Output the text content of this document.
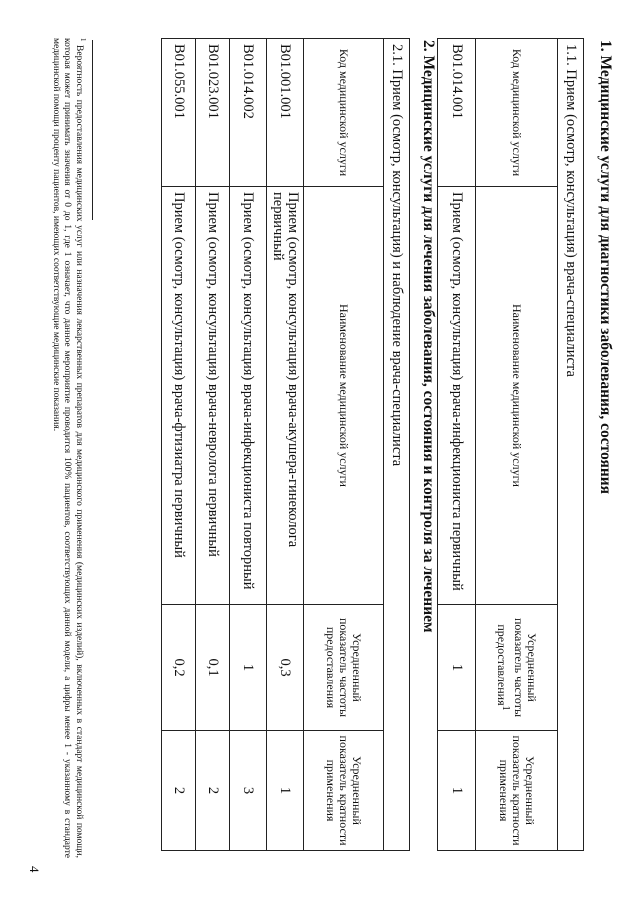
1. Медицинские услуги для диагностики заболевания, состояния
1.1. Прием (осмотр, консультация) врача-специалиста			
Код медицинской услуги	Наименование медицинской услуги	Усредненный показатель частоты предоставления$^1$	Усредненный показатель кратности применения
B01.014.001	Прием (осмотр, консультация) врача-инфекциониста первичный	1	1
2. Медицинские услуги для лечения заболевания, состояния и контроля за лечением
2.1. Прием (осмотр, консультация) и наблюдение врача-специалиста			
Код медицинской услуги	Наименование медицинской услуги	Усредненный показатель частоты предоставления	Усредненный показатель кратности применения
B01.001.001	Прием (осмотр, консультация) врача-акушера-гинеколога первичный	0,3	1
B01.014.002	Прием (осмотр, консультация) врача-инфекциониста повторный	1	3
B01.023.001	Прием (осмотр, консультация) врача-невролога первичный	0,1	2
B01.055.001	Прием (осмотр, консультация) врача-фтизиатра первичный	0,2	2
$^1$ Вероятность предоставления медицинских услуг или назначения лекарственных препаратов для медицинского применения (медицинских изделий), включенных в стандарт медицинской помощи, которая может принимать значения от 0 до 1, где 1 означает, что данное мероприятие проводится 100% пациентов, соответствующих данной модели, а цифры менее 1 - указанному в стандарте медицинской помощи проценту пациентов, имеющих соответствующие медицинские показания.
4
